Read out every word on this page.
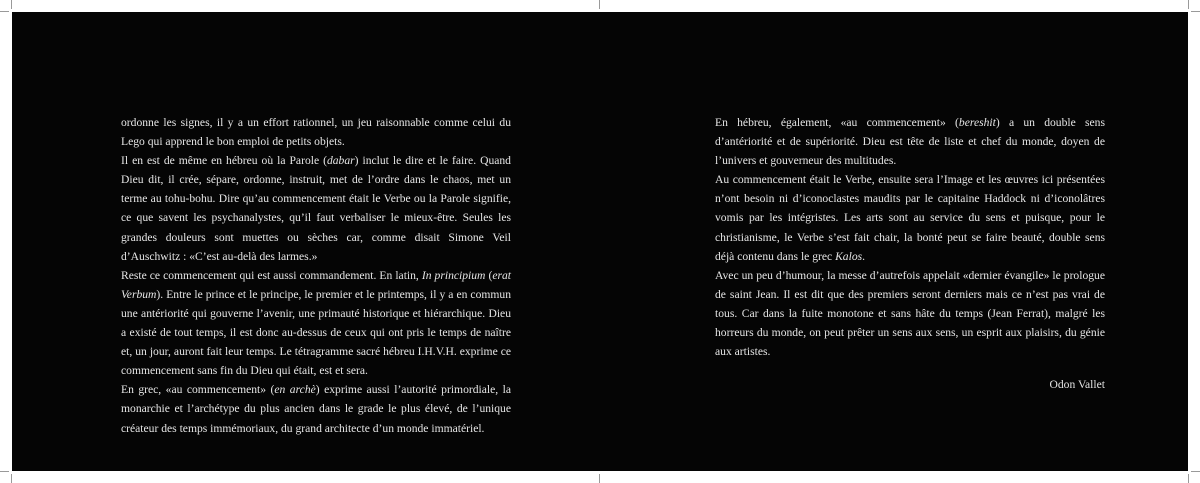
ordonne les signes, il y a un effort rationnel, un jeu raisonnable comme celui du Lego qui apprend le bon emploi de petits objets.

Il en est de même en hébreu où la Parole (dabar) inclut le dire et le faire. Quand Dieu dit, il crée, sépare, ordonne, instruit, met de l’ordre dans le chaos, met un terme au tohu-bohu. Dire qu’au commencement était le Verbe ou la Parole signifie, ce que savent les psychanalystes, qu’il faut verbaliser le mieux-être. Seules les grandes douleurs sont muettes ou sèches car, comme disait Simone Veil d’Auschwitz : «C’est au-delà des larmes.»

Reste ce commencement qui est aussi commandement. En latin, In principium (erat Verbum). Entre le prince et le principe, le premier et le printemps, il y a en commun une antériorité qui gouverne l’avenir, une primauté historique et hiérarchique. Dieu a existé de tout temps, il est donc au-dessus de ceux qui ont pris le temps de naître et, un jour, auront fait leur temps. Le tétragramme sacré hébreu I.H.V.H. exprime ce commencement sans fin du Dieu qui était, est et sera.

En grec, «au commencement» (en archè) exprime aussi l’autorité primordiale, la monarchie et l’archétype du plus ancien dans le grade le plus élevé, de l’unique créateur des temps immémoriaux, du grand architecte d’un monde immatériel.

En hébreu, également, «au commencement» (bereshit) a un double sens d’antériorité et de supériorité. Dieu est tête de liste et chef du monde, doyen de l’univers et gouverneur des multitudes.

Au commencement était le Verbe, ensuite sera l’Image et les œuvres ici présentées n’ont besoin ni d’iconoclastes maudits par le capitaine Haddock ni d’iconolâtres vomis par les intégristes. Les arts sont au service du sens et puisque, pour le christianisme, le Verbe s’est fait chair, la bonté peut se faire beauté, double sens déjà contenu dans le grec Kalos.

Avec un peu d’humour, la messe d’autrefois appelait «dernier évangile» le prologue de saint Jean. Il est dit que des premiers seront derniers mais ce n’est pas vrai de tous. Car dans la fuite monotone et sans hâte du temps (Jean Ferrat), malgré les horreurs du monde, on peut prêter un sens aux sens, un esprit aux plaisirs, du génie aux artistes.

Odon Vallet
